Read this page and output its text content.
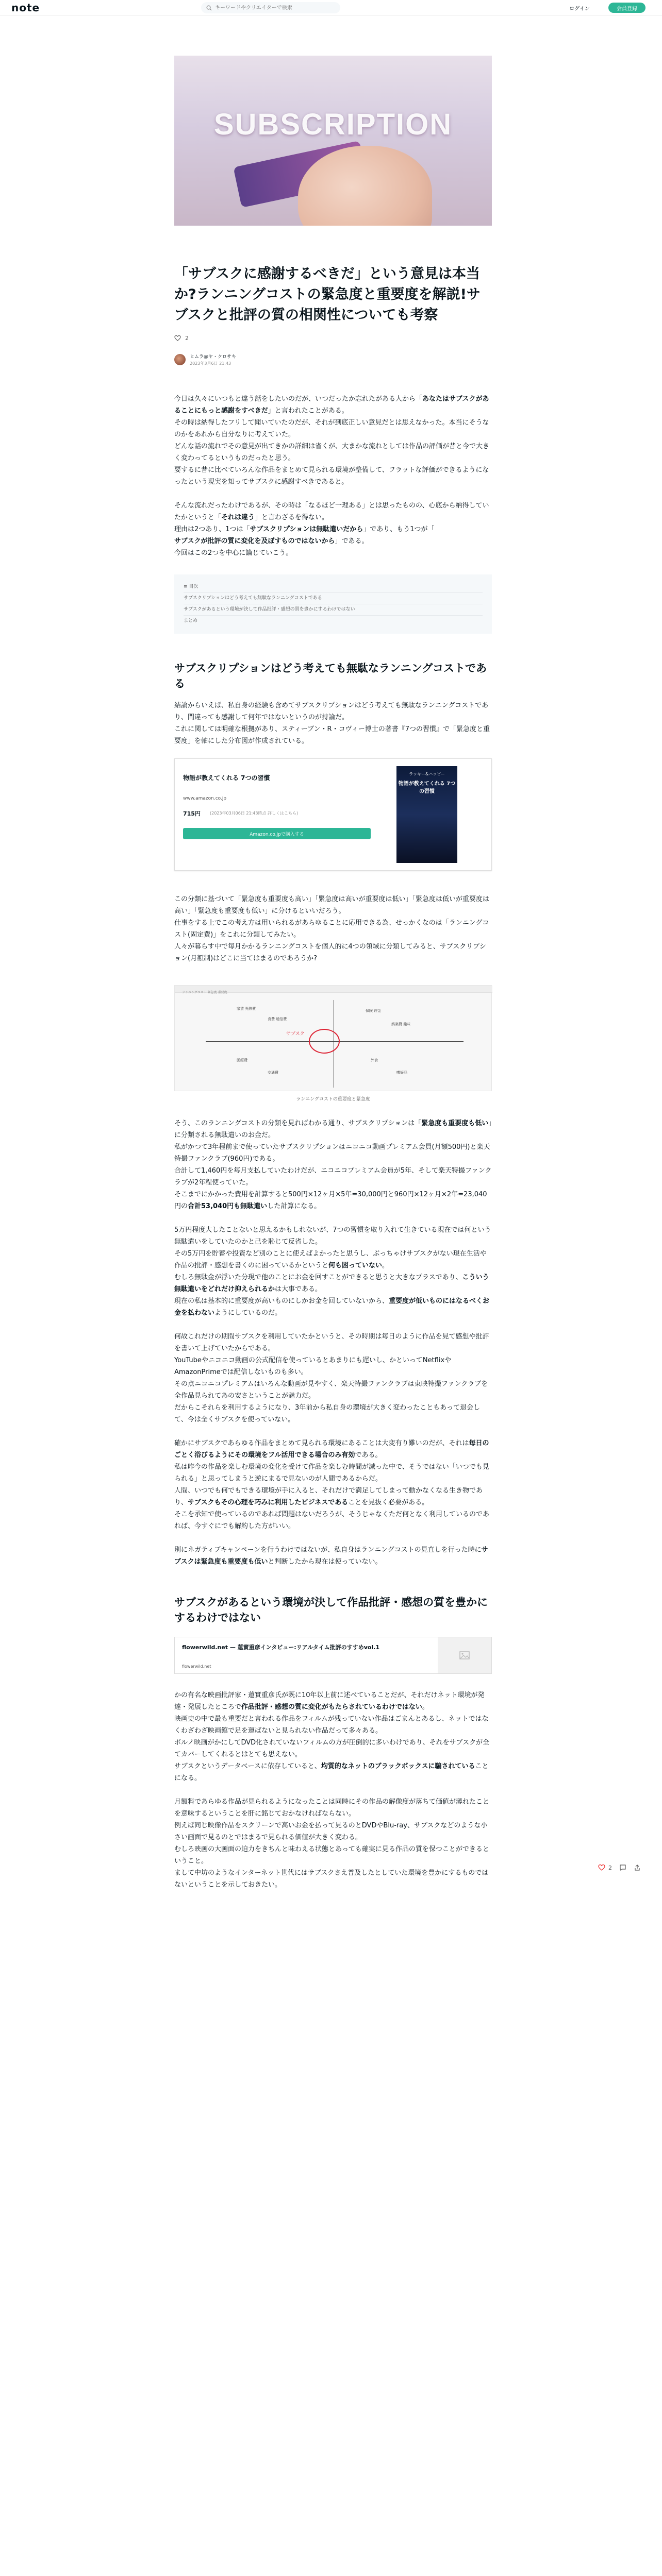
note
キーワードやクリエイターで検索	ログイン	会員登録
SUBSCRIPTION
「サブスクに感謝するべきだ」という意見は本当か?ランニングコストの緊急度と重要度を解説!サブスクと批評の質の相関性についても考察
2
ヒムラ@ヤ・クロサキ
2023年3月6日 21:43
今日は久々にいつもと違う話をしたいのだが、いつだったか忘れたがある人から「あなたはサブスクがあることにもっと感謝をすべきだ」と言われたことがある。
その時は納得したフリして聞いていたのだが、それが到底正しい意見だとは思えなかった。本当にそうなのかをあれから自分なりに考えていた。
どんな話の流れでその意見が出てきかの詳細は省くが、大まかな流れとしては作品の評価が昔と今で大きく変わってるというものだったと思う。
要するに昔に比べていろんな作品をまとめて見られる環境が整備して、フラットな評価ができるようになったという現実を知ってサブスクに感謝すべきであると。
そんな流れだったわけであるが、その時は「なるほど一理ある」とは思ったものの、心底から納得していたかというと「それは違う」と言わざるを得ない。
理由は2つあり、1つは「サブスクリプションは無駄遣いだから」であり、もう1つが「
サブスクが批評の質に変化を及ぼすものではないから」である。
今回はこの2つを中心に論じていこう。
≡ 目次
サブスクリプションはどう考えても無駄なランニングコストである
サブスクがあるという環境が決して作品批評・感想の質を豊かにするわけではない
まとめ
サブスクリプションはどう考えても無駄なランニングコストである
結論からいえば、私自身の経験も含めてサブスクリプションはどう考えても無駄なランニングコストであり、間違っても感謝して何年ではないというのが持論だ。
これに関しては明確な根拠があり、スティーブン・R・コヴィー博士の著書『7つの習慣』で「緊急度と重要度」を軸にした分布図が作成されている。
物語が教えてくれる 7つの習慣
www.amazon.co.jp
715円 (2023年03月06日 21:43時点 詳しくはこちら)
Amazon.co.jpで購入する
ラッキー&ハッピー
物語が教えてくれる 7つの習慣
この分類に基づいて「緊急度も重要度も高い」「緊急度は高いが重要度は低い」「緊急度は低いが重要度は高い」「緊急度も重要度も低い」に分けるといいだろう。
仕事をする上でこの考え方は用いられるがあらゆることに応用できる為、せっかくなのは「ランニングコスト(固定費)」をこれに分類してみたい。
人々が暮らす中で毎月かかるランニングコストを個人的に4つの領域に分類してみると、サブスクリプション(月額制)はどこに当てはまるのであろうか?
ランニングコスト 緊急度 重要度
家賃 光熱費
食費 通信費
保険 貯金
娯楽費 趣味
医療費
交通費
外食
嗜好品
サブスク
ランニングコストの重要度と緊急度
そう、このランニングコストの分類を見ればわかる通り、サブスクリプションは「緊急度も重要度も低い」に分類される無駄遣いのお金だ。
私がかつて3年程前まで使っていたサブスクリプションはニコニコ動画プレミアム会員(月額500円)と楽天特撮ファンクラブ(960円)である。
合計して1,460円を毎月支払していたわけだが、ニコニコプレミアム会員が5年、そして楽天特撮ファンクラブが2年程使っていた。
そこまでにかかった費用を計算すると500円×12ヶ月×5年=30,000円と960円×12ヶ月×2年=23,040円の合計53,040円も無駄遣いした計算になる。
5万円程度大したことないと思えるかもしれないが、7つの習慣を取り入れて生きている現在では何という無駄遣いをしていたのかと己を恥じて反省した。
その5万円を貯蓄や投資など別のことに使えばよかったと思うし、ぶっちゃけサブスクがない現在生活や作品の批評・感想を書くのに困っているかというと何も困っていない。
むしろ無駄金が浮いた分現で他のことにお金を回すことができると思うと大きなプラスであり、こういう無駄遣いをどれだけ抑えられるかは大事である。
現在の私は基本的に重要度が高いものにしかお金を回していないから、重要度が低いものにはなるべくお金を払わないようにしているのだ。
何故これだけの期間サブスクを利用していたかというと、その時期は毎日のように作品を見て感想や批評を書いて上げていたからである。
YouTubeやニコニコ動画の公式配信を使っているとあまりにも遅いし、かといってNetflixやAmazonPrimeでは配信しないものも多い。
その点ニコニコプレミアムはいろんな動画が見やすく、楽天特撮ファンクラブは東映特撮ファンクラブを全作品見られてあの安さということが魅力だ。
だからこそれらを利用するようになり、3年前から私自身の環境が大きく変わったこともあって退会して、今は全くサブスクを使っていない。
確かにサブスクであらゆる作品をまとめて見られる環境にあることは大変有り難いのだが、それは毎日のごとく浴びるようにその環境をフル活用できる場合のみ有効である。
私は昨今の作品を楽しむ環境の変化を受けて作品を楽しむ時間が減った中で、そうではない「いつでも見られる」と思ってしまうと逆にまるで見ないのが人間であるからだ。
人間、いつでも何でもできる環境が手に入ると、それだけで満足してしまって動かなくなる生き物であり、サブスクもその心理を巧みに利用したビジネスであることを見抜く必要がある。
そこを承知で使っているのであれば問題はないだろうが、そうじゃなくただ何となく利用しているのであれば、今すぐにでも解約した方がいい。
別にネガティブキャンペーンを行うわけではないが、私自身はランニングコストの見直しを行った時にサブスクは緊急度も重要度も低いと判断したから現在は使っていない。
サブスクがあるという環境が決して作品批評・感想の質を豊かにするわけではない
flowerwild.net — 蓮實重彦インタビュー:リアルタイム批評のすすめvol.1
flowerwild.net
かの有名な映画批評家・蓮實重彦氏が既に10年以上前に述べていることだが、それだけネット環境が発達・発展したところで作品批評・感想の質に変化がもたらされているわけではない。
映画史の中で最も重要だと言われる作品をフィルムが残っていない作品はごまんとあるし、ネットではなくわざわざ映画館で足を運ばないと見られない作品だって多々ある。
ボルノ映画がかにしてDVD化されていないフィルムの方が圧倒的に多いわけであり、それをサブスクが全てカバーしてくれるとはとても思えない。
サブスクというデータベースに依存していると、均質的なネットのブラックボックスに騙されていることになる。
月額料であらゆる作品が見られるようになったことは同時にその作品の解像度が落ちて価値が薄れたことを意味するということを肝に銘じておかなければならない。
例えば同じ映像作品をスクリーンで高いお金を払って見るのとDVDやBlu-ray、サブスクなどのような小さい画面で見るのとではまるで見られる価値が大きく変わる。
むしろ映画の大画面の迫力をきちんと味わえる状態とあっても確実に見る作品の質を保つことができるということ。
まして中坊のようなインターネット世代にはサブスクさえ普及したとしていた環境を豊かにするものではないということを示しておきたい。
2
